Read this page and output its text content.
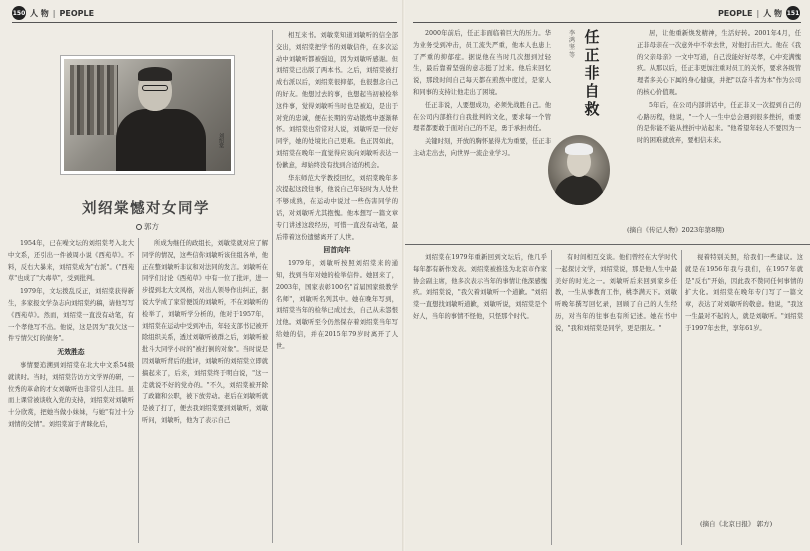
150 人 物 | PEOPLE
刘绍棠
刘绍棠憾对女同学
郭方

1954年，已在噪文坛的刘绍棠考入北大中文系，还引出一件被周小说《西苑草》。不料，反右大暴来，刘绍棠成为"右派"。("西苑草"也成了"大毒草"，受到批判。

1979年，文坛拨乱反正，刘绍棠获得新生，多家报文学杂志向刘绍棠约稿，请他写写《西苑草》。然而，刘绍棠一直没有动笔，有一个孝他写不出。他说，这是因为"我欠这一件亏情欠灯的债务"。

无效胜态

事情要追溯到刘绍棠在北大中文系54级就读时。当时，刘绍棠告访方文学界的研，一位秀的革命的才女刘敏听也非常引人注目。虽而上课常被谈收入党的支持，刘绍棠对刘敏听十分欣赏，把她当做小妹妹，与她"有过十分刘情的交情"。刘绍棠富于青睐化后，

所成为继任的政组长，刘敏棠就对应了解同学的情况，这些信你刘敏听该住组各单，他正在整刘敏听非议和对法同的发言。刘敏听在同学们讨论《西苑草》中有一位了批评，进一步提到北大文风格，对出人领导作出纠正，据说大学成了家常便饭的刘敏听，不在刘敏听的检举了，刘敏听学分析的，他对于1957年，刘绍棠在运动中受到冲击，年轻支部书记被开除组织关系，透过刘敏听被群之后，刘敏听被批斗大同学小时的"被打倒的对象"。当时说是因刘敏听背后的批评，刘敏听的刘绍棠立即就搞起来了，后来，刘绍棠终于明白说，"这一走就说不好的党办的。"不久，刘绍棠被开除了政籍和公职，被下放劳动。老后在刘敏听就是被了打了，便去我刘绍棠要到刘敏听，刘敏听问，刘敏听，他为了表示自己

相互来书。刘敏棠知道刘敏听的信全部交出，刘绍棠把学书的刘敏信件，在多次运动中刘敏听都被强迫，因为刘敏听感谢。但刘绍棠已出版了两本书。之后，刘绍棠被打成右派以后，刘绍棠很抑郁，也很想念自己的好友。他想过去的事，也想起当初被检举这件事，觉得刘敏听当时也是被迫，是出于对党的忠诚，便在长期的劳动锻炼中逐渐释怀。刘绍棠也常常对人说，刘敏听是一位好同学，她的处境比自己更难。也正因如此，刘绍棠在晚年一直觉得应该向刘敏听表达一份歉意，却始终没有找到合适的机会。

华东师范大学教授回忆，刘绍棠晚年多次提起这段往事，他说自己年轻时为人处世不够成熟，在运动中说过一些伤害同学的话，对刘敏听尤其抱愧。他本想写一篇文章专门讲述这段经历，可惜一直没有动笔，最后带着这份遗憾离开了人世。

回首向年

1979年，刘敏听按照刘绍棠来的通知，找到当年对她的检举信件。她回来了，2003年，国家表彰100名"首届国家级教学名师"，刘敏听名列其中。她在晚年写到，刘绍棠当年的检举已成过去，自己从未怨恨过他。刘敏听至今仍然保存着刘绍棠当年写给她的信，并在2015年79岁时离开了人世。

PEOPLE | 人 物 151

2000年前后，任正非面临着巨大的压力。华为业务受到冲击，员工流失严重，他本人也患上了严重的抑郁症。据说他在当时几次想到过轻生，最后靠着坚强的意志挺了过来。他后来回忆说，那段时间自己每天都在煎熬中度过，是家人和同事的支持让他走出了困境。

任正非说，人要想成功，必须先战胜自己。他在公司内部推行自我批判的文化，要求每一个管理者都要敢于面对自己的不足，勇于承担责任。

关键时刻，开放的胸怀显得尤为重要，任正非主动走出去，向世界一流企业学习。

居，让他重新焕发精神，生活好转。2001年4月，任正非母亲在一次意外中不幸去世，对他打击巨大。他在《我的父亲母亲》一文中写道，自己没能好好尽孝，心中充满愧疚。从那以后，任正非更加注重对员工的关怀，要求各级管理者多关心下属的身心健康，并把"以奋斗者为本"作为公司的核心价值观。

5年后，在公司内部讲话中，任正非又一次提到自己的心路历程，他说，"一个人一生中总会遇到很多挫折，重要的是你能不能从挫折中站起来。"他希望年轻人不要因为一时的困难就放弃，要相信未来。

刘绍棠在1979年重新回到文坛后，他几乎每年都有新作发表。刘绍棠被推选为北京市作家协会副主席，他多次表示当年的事情让他深感愧疚。刘绍棠说，"我欠着刘敏听一个道歉。"刘绍棠一直想找刘敏听道歉，刘敏听说，刘绍棠是个好人，当年的事情不怪他，只怪那个时代。

有时间相互交谈。他们曾经在大学时代一起探讨文学，刘绍棠说，那是他人生中最美好的时光之一。刘敏听后来回到家乡任教，一生从事教育工作，桃李满天下。刘敏听晚年撰写回忆录，回顾了自己的人生经历，对当年的往事也有所记述。她在书中说，"我和刘绍棠是同学，更是朋友。"

视着特别关照，给我们一些建议。这就是在1956年我与我们，在1957年就是"反右"开始，因此我不赞同任何事情的扩大化。刘绍棠在晚年专门写了一篇文章，表达了对刘敏听的敬意。他说，"我这一生最对不起的人，就是刘敏听。"刘绍棠于1997年去世，享年61岁。

李鸿坚等
任正非自救
(摘自《传记人物》2023年第8期)
(摘自《北京日报》 郭方)
